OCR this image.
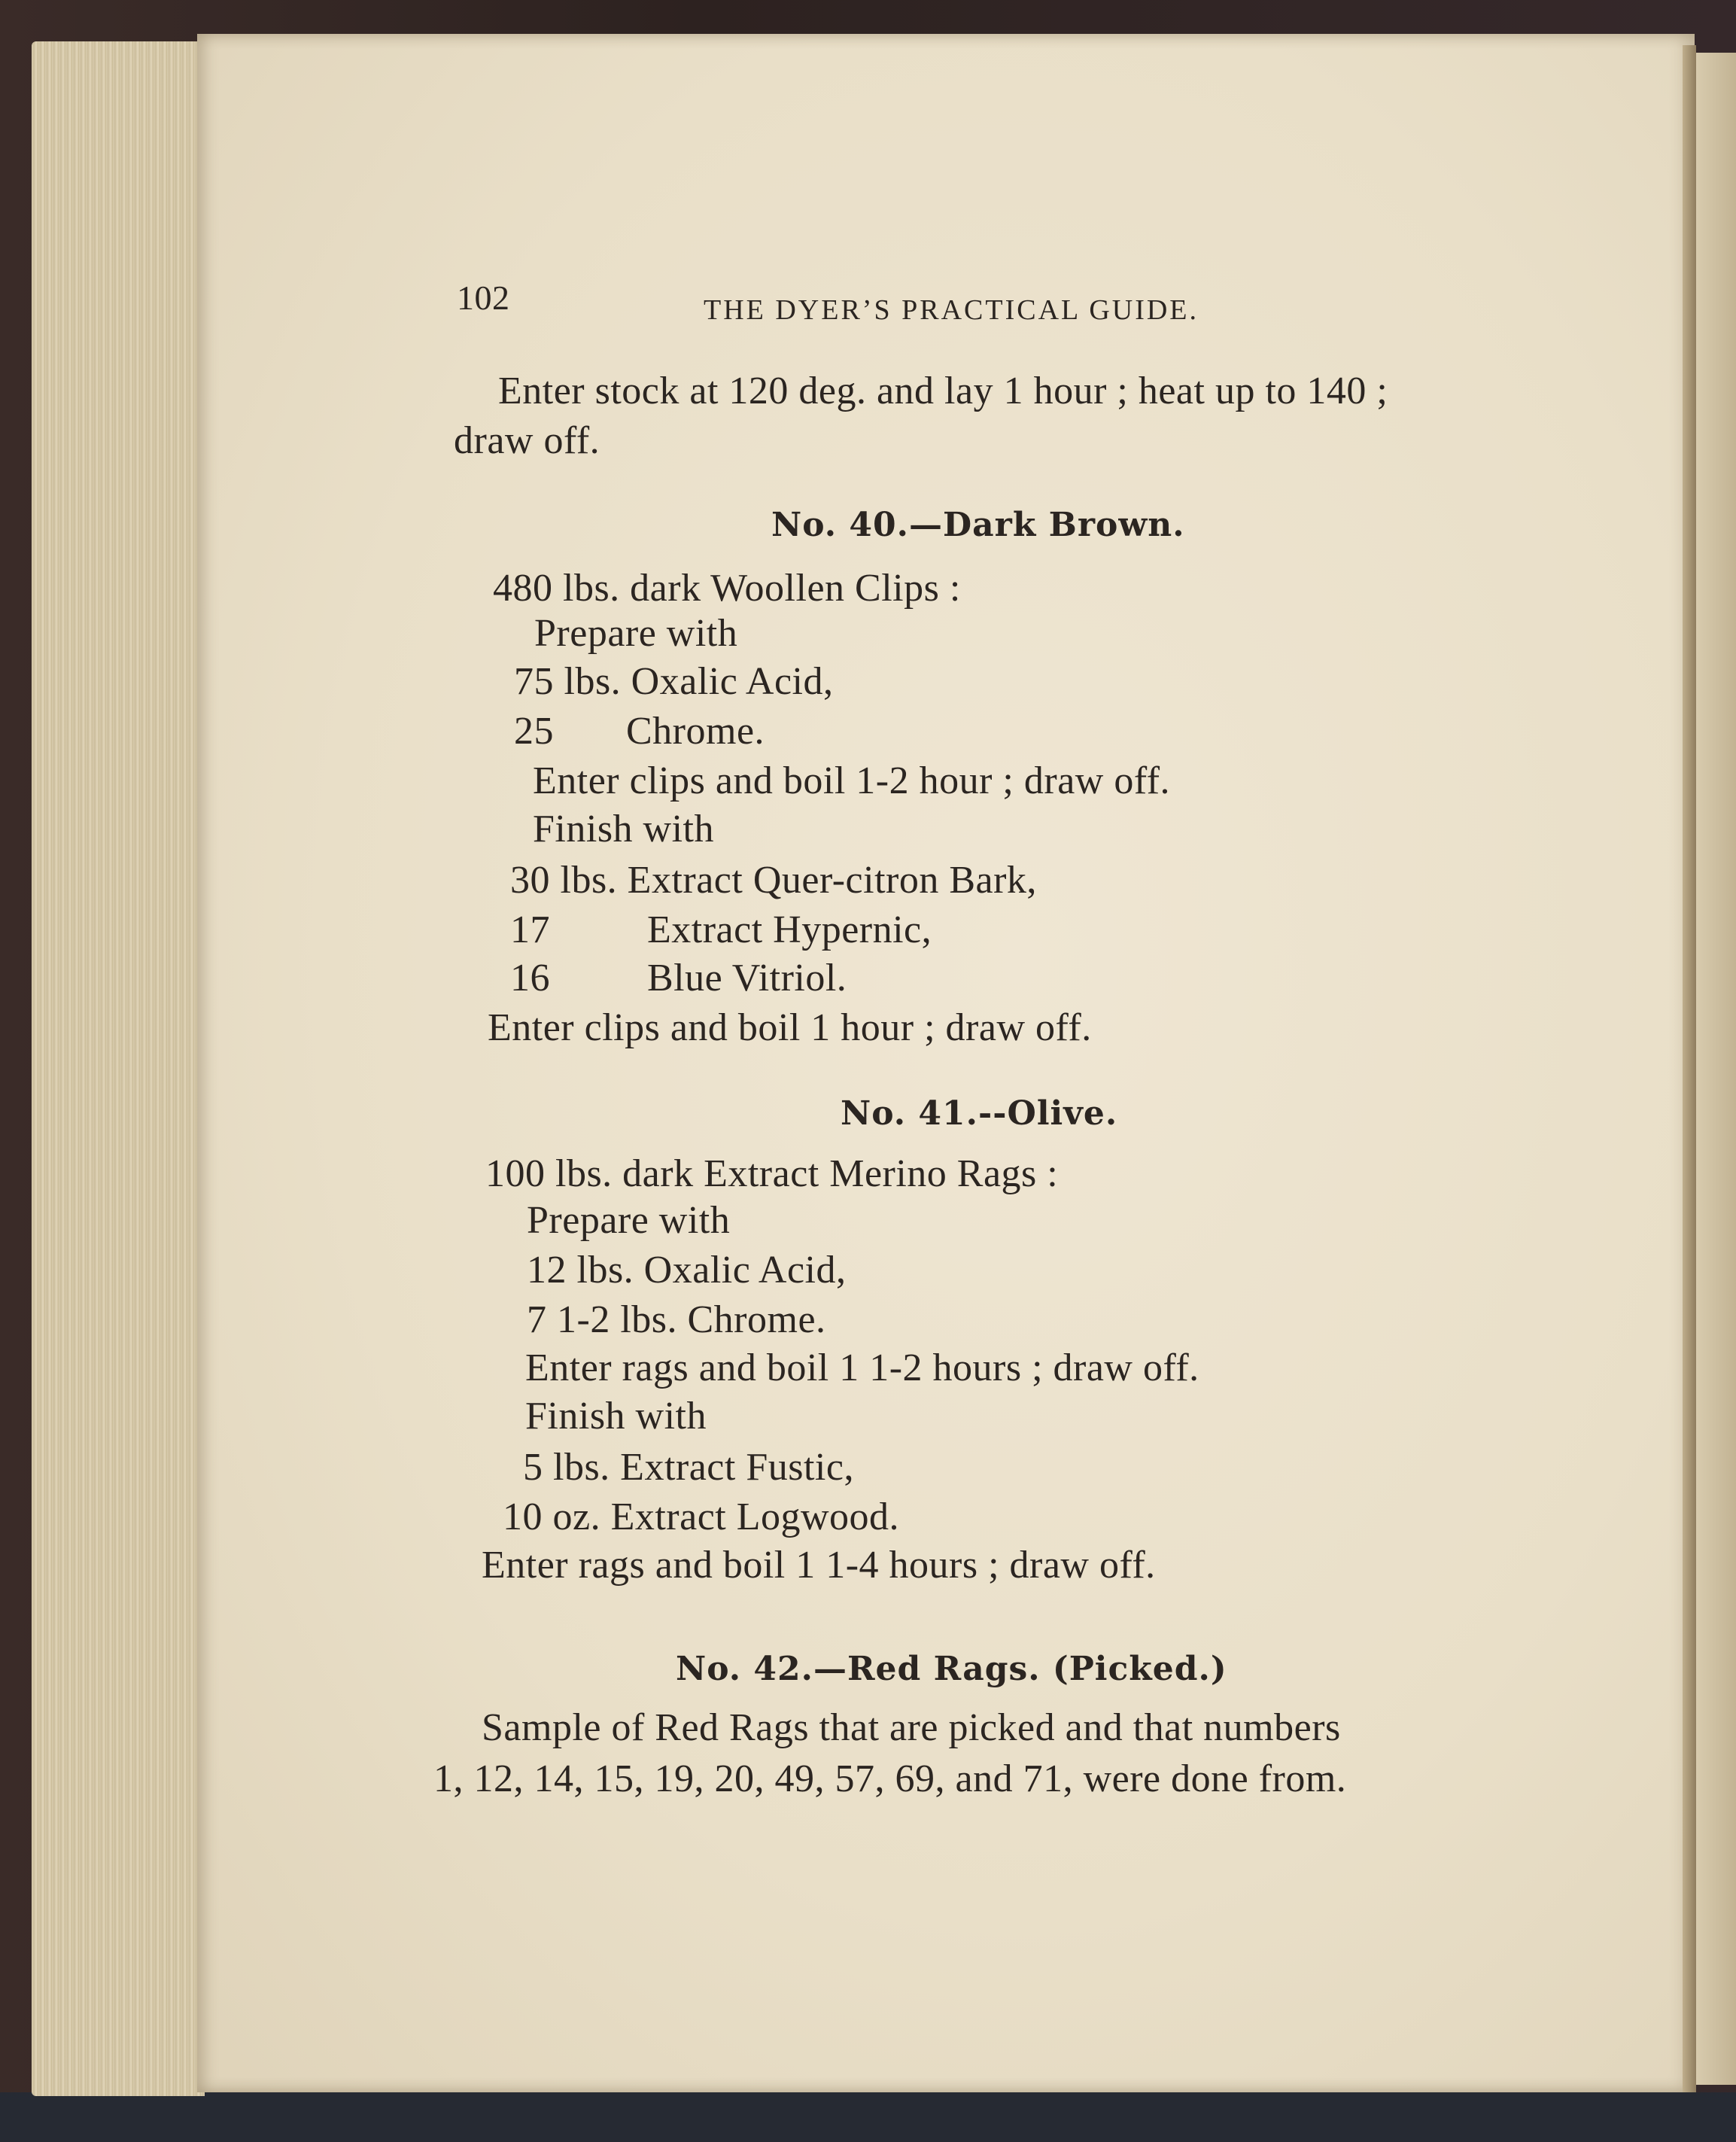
102	THE DYER’S PRACTICAL GUIDE.
Enter stock at 120 deg. and lay 1 hour ; heat up to 140 ;
draw off.
No. 40.—Dark Brown.
480 lbs. dark Woollen Clips :
Prepare with
75 lbs. Oxalic Acid,
25 Chrome.
Enter clips and boil 1-2 hour ; draw off.
Finish with
30 lbs. Extract Quer-citron Bark,
17 Extract Hypernic,
16 Blue Vitriol.
Enter clips and boil 1 hour ; draw off.
No. 41.--Olive.
100 lbs. dark Extract Merino Rags :
Prepare with
12 lbs. Oxalic Acid,
7 1-2 lbs. Chrome.
Enter rags and boil 1 1-2 hours ; draw off.
Finish with
5 lbs. Extract Fustic,
10 oz. Extract Logwood.
Enter rags and boil 1 1-4 hours ; draw off.
No. 42.—Red Rags. (Picked.)
Sample of Red Rags that are picked and that numbers
1, 12, 14, 15, 19, 20, 49, 57, 69, and 71, were done from.
